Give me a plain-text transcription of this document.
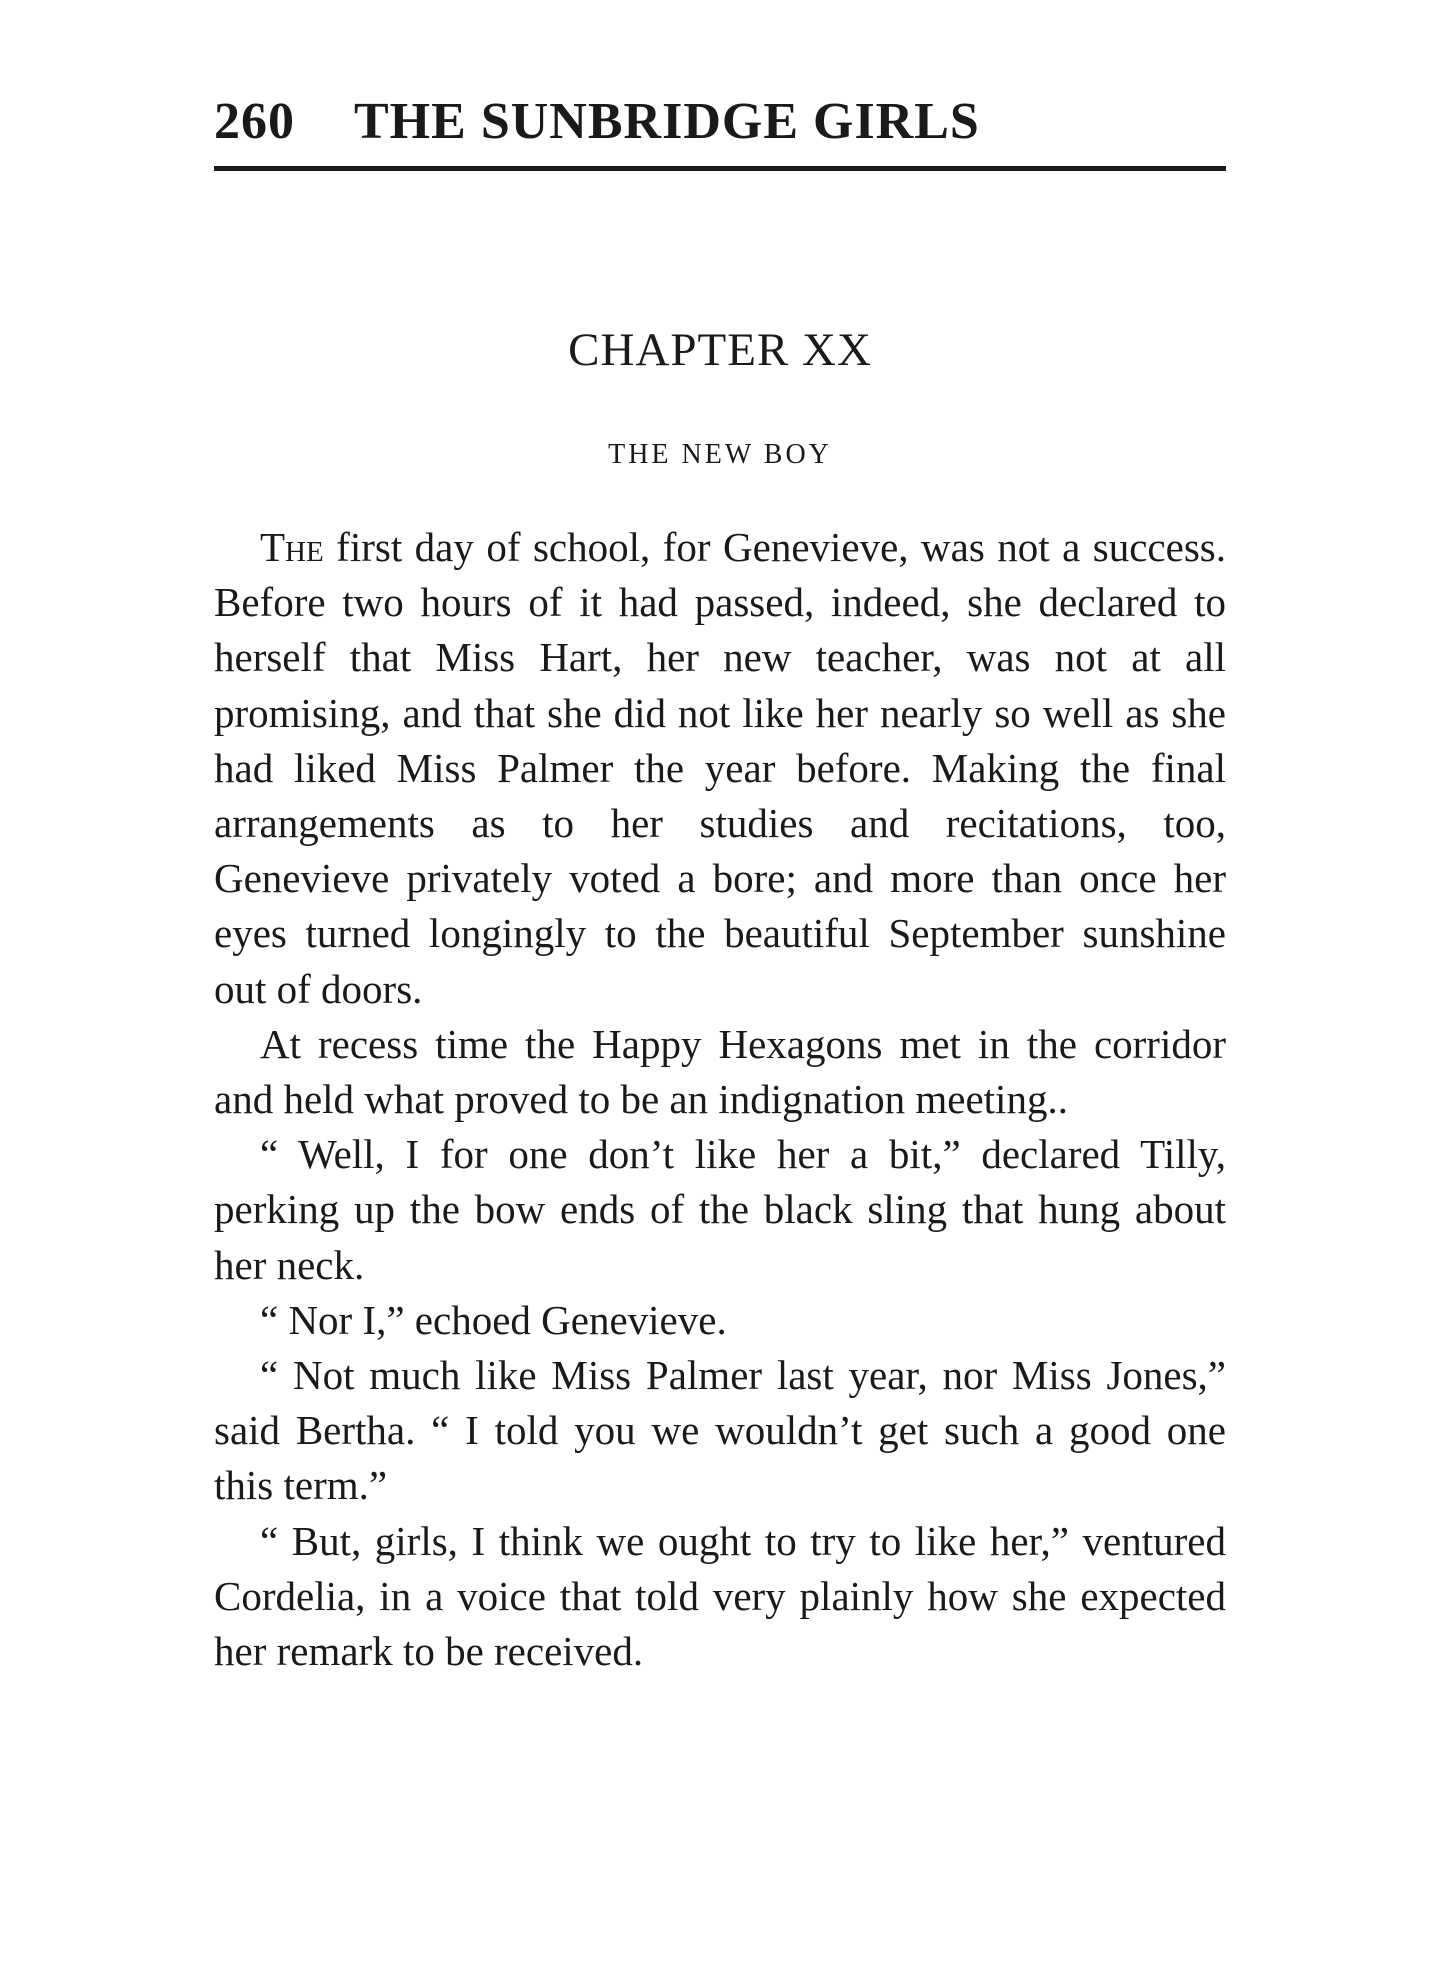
260 THE SUNBRIDGE GIRLS
CHAPTER XX
THE NEW BOY

The first day of school, for Genevieve, was not a success. Before two hours of it had passed, indeed, she declared to herself that Miss Hart, her new teacher, was not at all promising, and that she did not like her nearly so well as she had liked Miss Palmer the year before. Making the final arrangements as to her studies and recitations, too, Genevieve privately voted a bore; and more than once her eyes turned longingly to the beautiful September sunshine out of doors.

At recess time the Happy Hexagons met in the corridor and held what proved to be an indignation meeting..

“ Well, I for one don’t like her a bit,” declared Tilly, perking up the bow ends of the black sling that hung about her neck.

“ Nor I,” echoed Genevieve.

“ Not much like Miss Palmer last year, nor Miss Jones,” said Bertha. “ I told you we wouldn’t get such a good one this term.”

“ But, girls, I think we ought to try to like her,” ventured Cordelia, in a voice that told very plainly how she expected her remark to be received.
